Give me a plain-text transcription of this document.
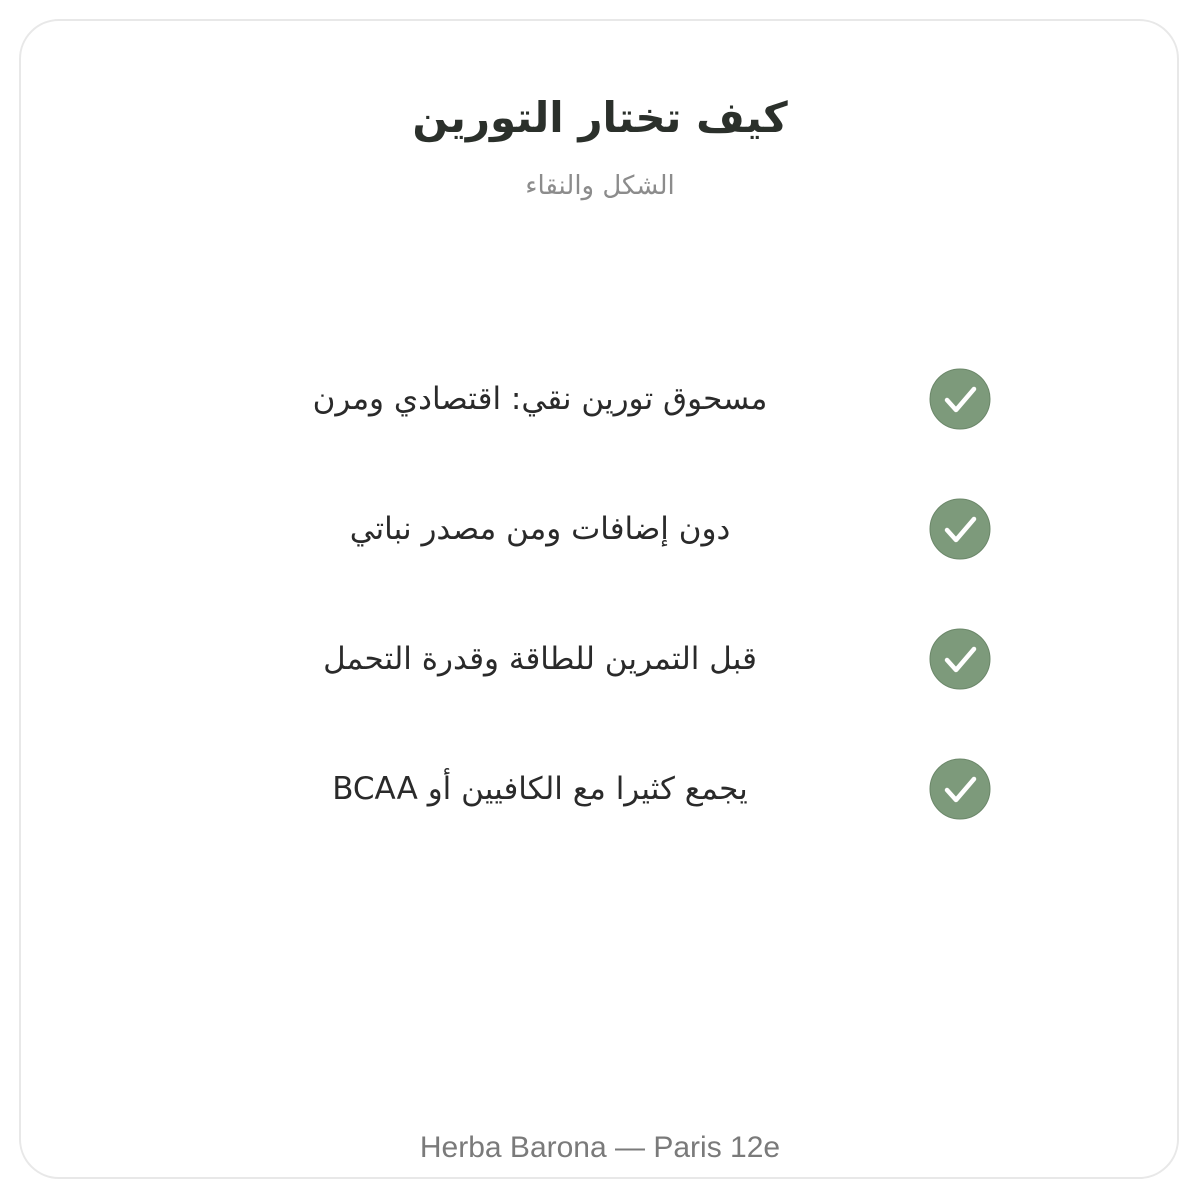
كيف تختار التورين
الشكل والنقاء
مسحوق تورين نقي: اقتصادي ومرن
دون إضافات ومن مصدر نباتي
قبل التمرين للطاقة وقدرة التحمل
يجمع كثيرا مع الكافيين أو BCAA
Herba Barona — Paris 12e
